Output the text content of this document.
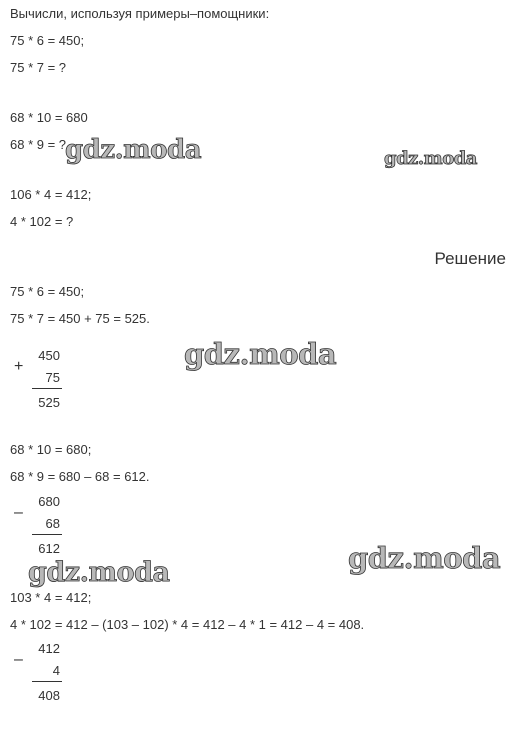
Вычисли, используя примеры–помощники:
75 * 6 = 450;
75 * 7 = ?
68 * 10 = 680
68 * 9 = ?
106 * 4 = 412;
4 * 102 = ?
Решение
75 * 6 = 450;
75 * 7 = 450 + 75 = 525.
+
450
75
525
68 * 10 = 680;
68 * 9 = 680 – 68 = 612.
–
680
68
612
103 * 4 = 412;
4 * 102 = 412 – (103 – 102) * 4 = 412 – 4 * 1 = 412 – 4 = 408.
–
412
4
408
gdz.moda	gdz.moda
gdz.moda
gdz.moda
gdz.moda
